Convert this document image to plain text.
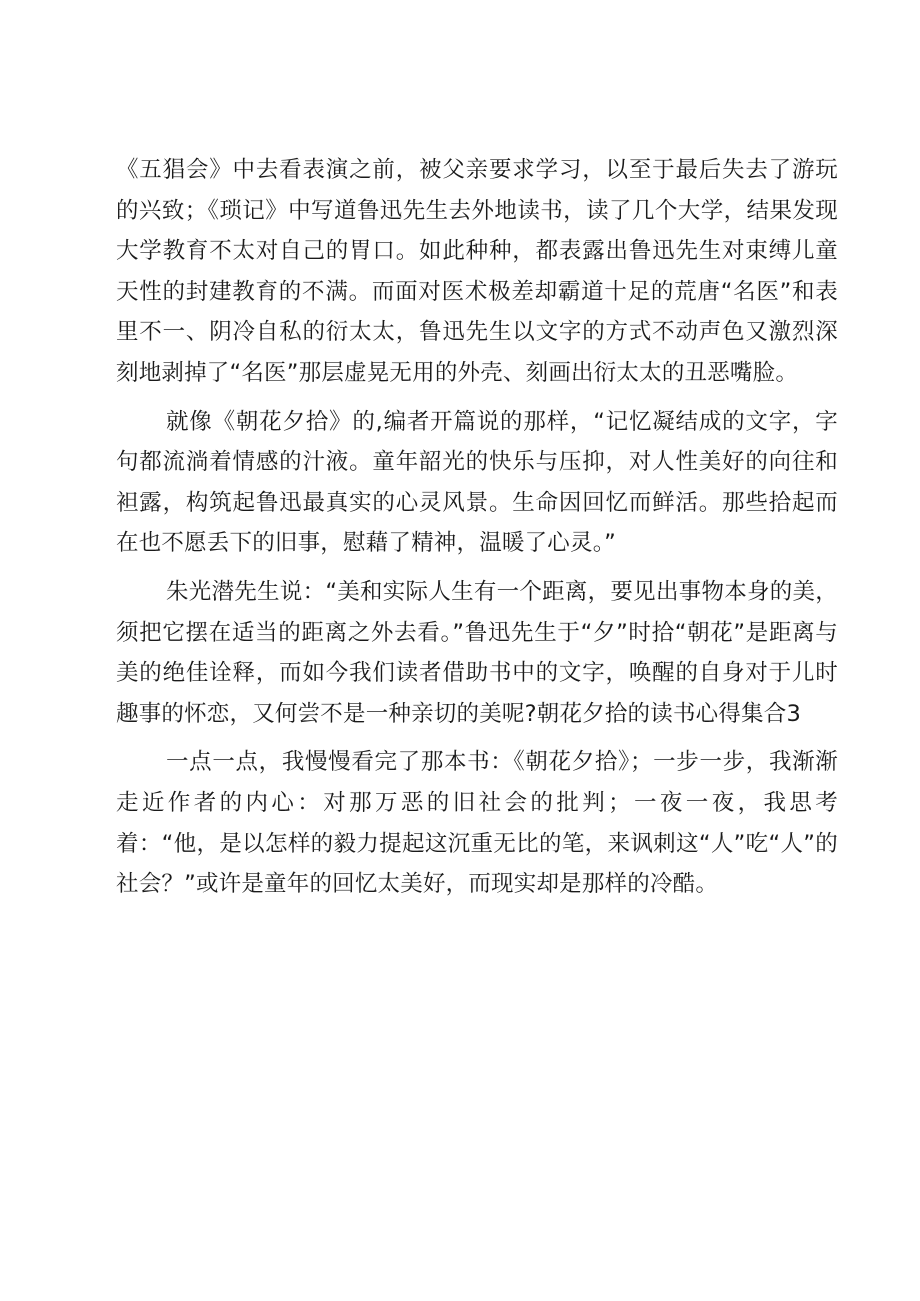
《五猖会》中去看表演之前，被父亲要求学习，以至于最后失去了游玩的兴致；《琐记》中写道鲁迅先生去外地读书，读了几个大学，结果发现大学教育不太对自己的胃口。如此种种，都表露出鲁迅先生对束缚儿童天性的封建教育的不满。而面对医术极差却霸道十足的荒唐“名医”和表里不一、阴冷自私的衍太太，鲁迅先生以文字的方式不动声色又激烈深刻地剥掉了“名医”那层虚晃无用的外壳、刻画出衍太太的丑恶嘴脸。

就像《朝花夕拾》的,编者开篇说的那样，“记忆凝结成的文字，字句都流淌着情感的汁液。童年韶光的快乐与压抑，对人性美好的向往和袒露，构筑起鲁迅最真实的心灵风景。生命因回忆而鲜活。那些拾起而在也不愿丢下的旧事，慰藉了精神，温暖了心灵。”

朱光潜先生说：“美和实际人生有一个距离，要见出事物本身的美，须把它摆在适当的距离之外去看。”鲁迅先生于“夕”时拾“朝花”是距离与美的绝佳诠释，而如今我们读者借助书中的文字，唤醒的自身对于儿时趣事的怀恋，又何尝不是一种亲切的美呢?朝花夕拾的读书心得集合3

一点一点，我慢慢看完了那本书：《朝花夕拾》；一步一步，我渐渐走近作者的内心：对那万恶的旧社会的批判；一夜一夜，我思考着：“他，是以怎样的毅力提起这沉重无比的笔，来讽刺这“人”吃“人”的社会？”或许是童年的回忆太美好，而现实却是那样的冷酷。
